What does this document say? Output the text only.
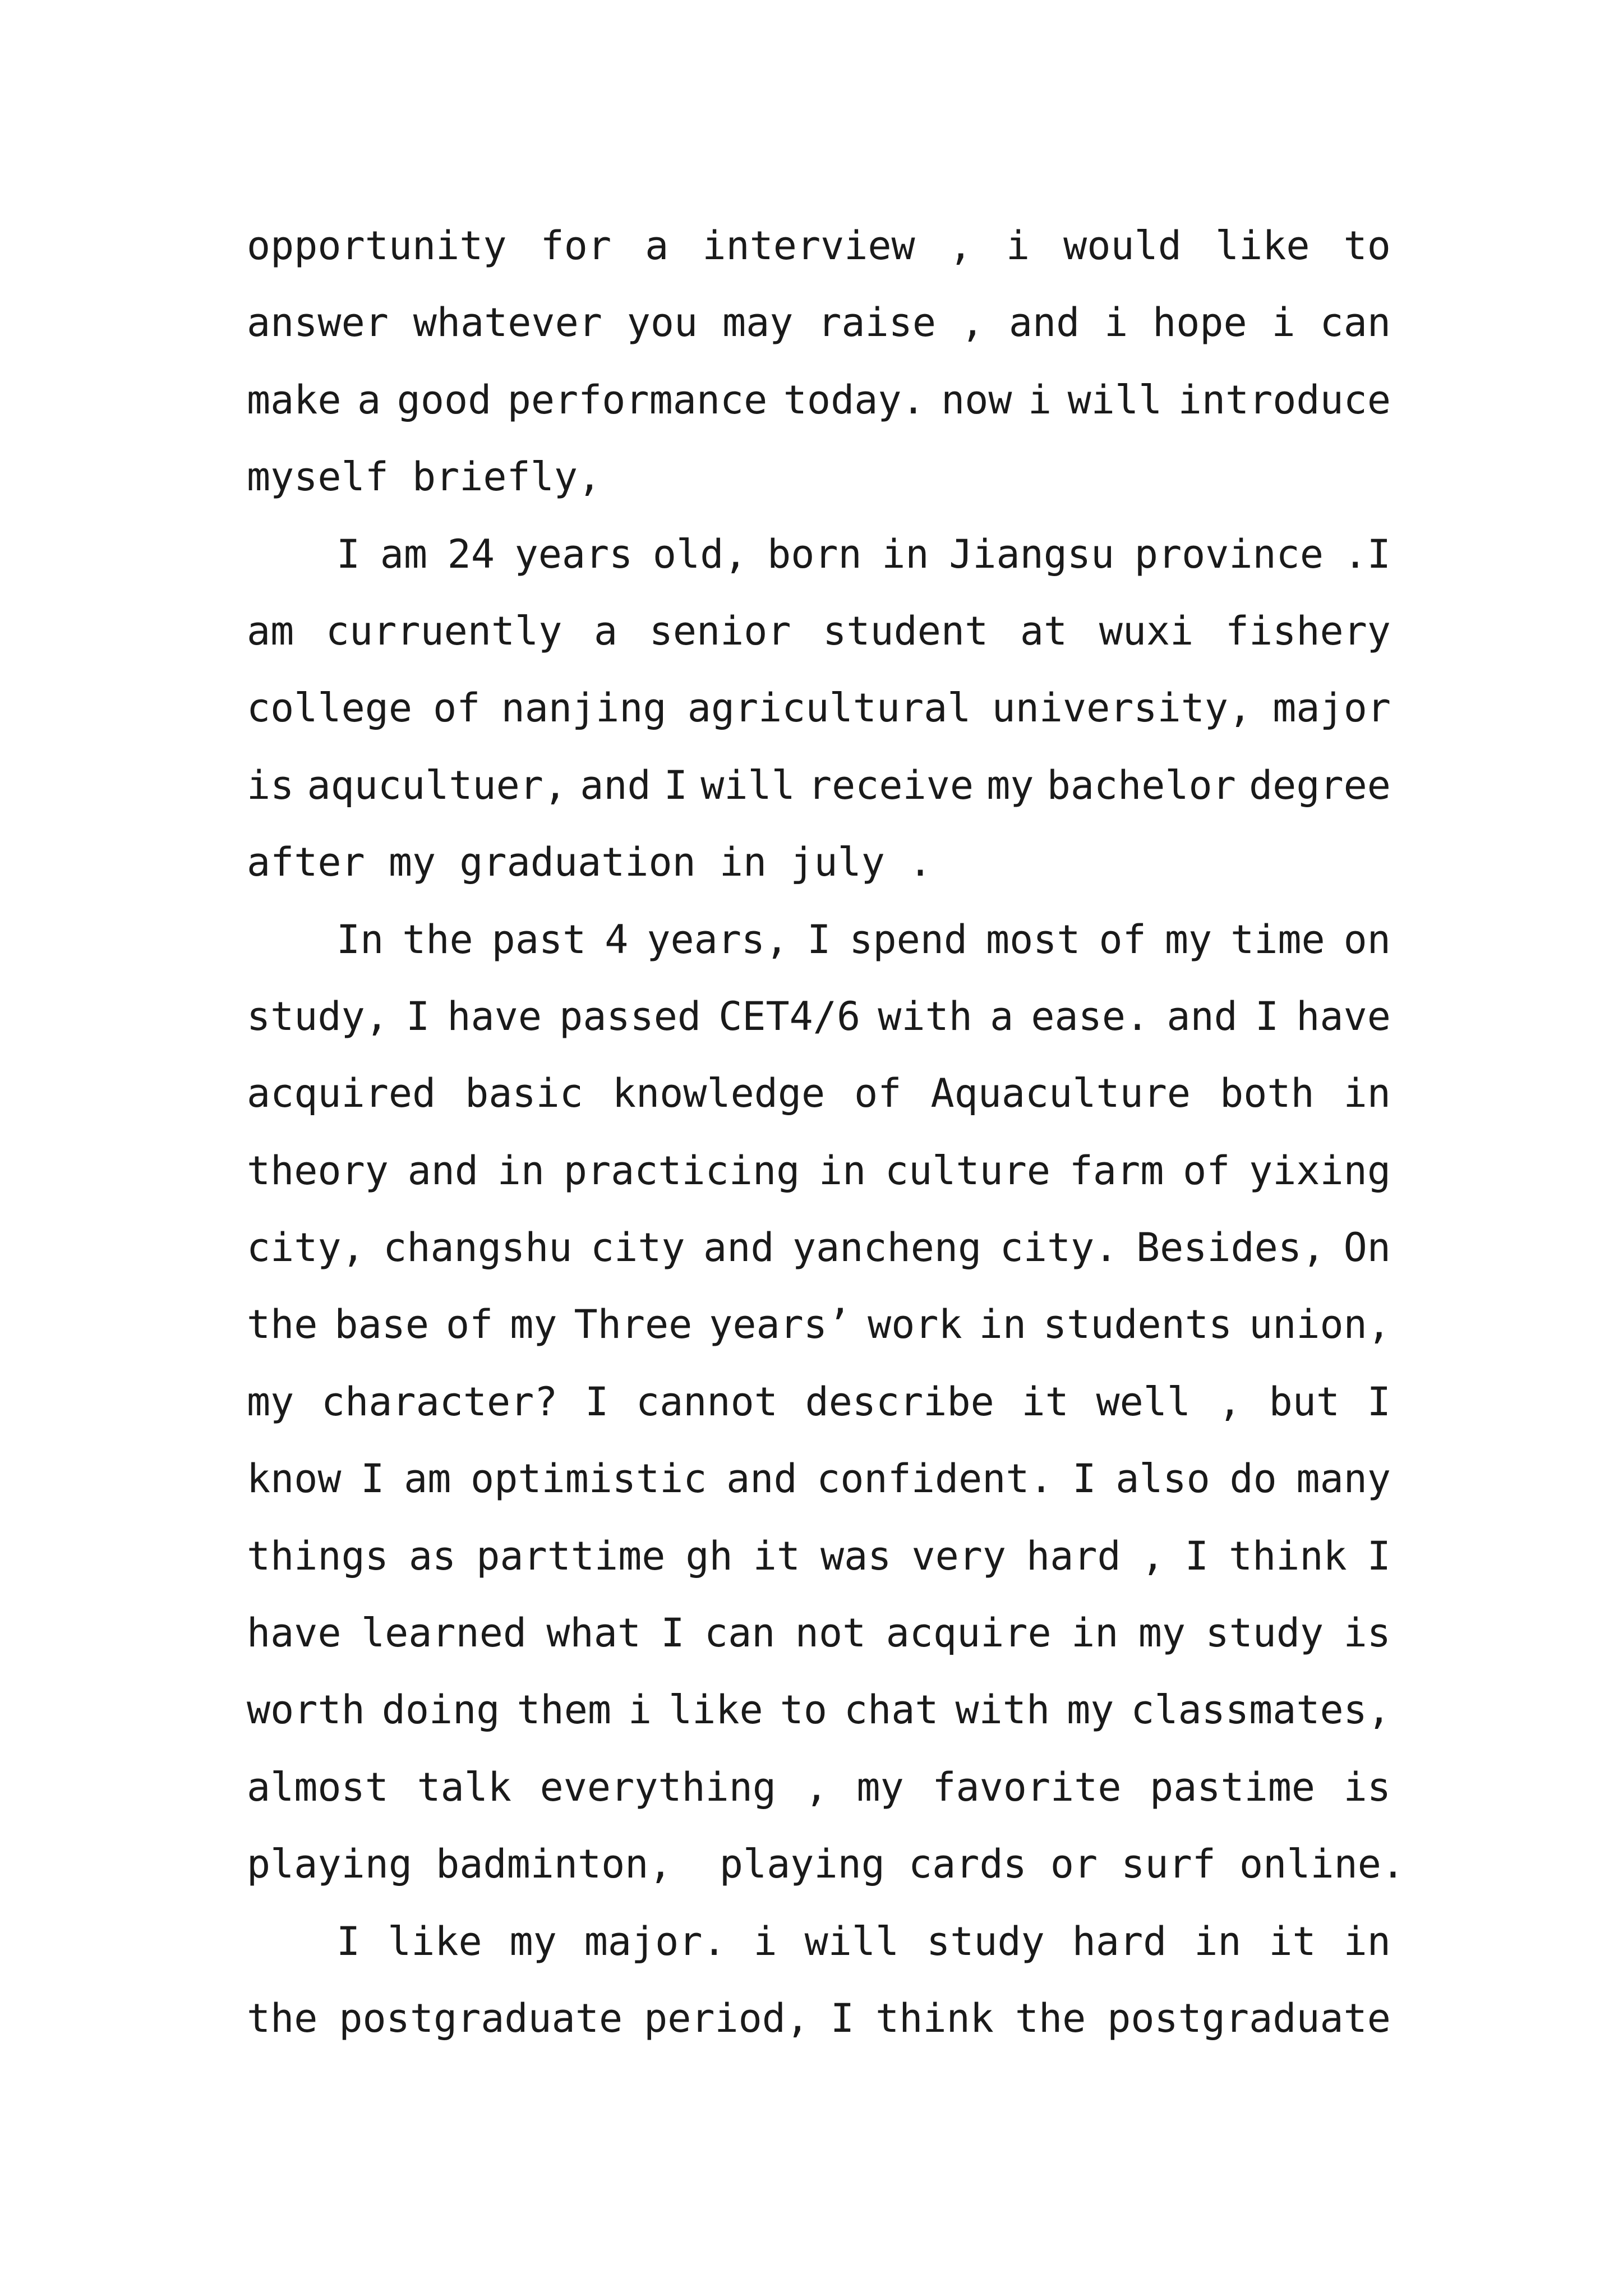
opportunity for a interview , i would like to
answer whatever you may raise , and i hope i can
make a good performance today. now i will introduce
myself briefly,
I am 24 years old, born in Jiangsu province .I
am curruently a senior student at wuxi fishery
college of nanjing agricultural university, major
is aqucultuer, and I will receive my bachelor degree
after my graduation in july .
In the past 4 years, I spend most of my time on
study, I have passed CET4/6 with a ease. and I have
acquired basic knowledge of Aquaculture both in
theory and in practicing in culture farm of yixing
city, changshu city and yancheng city. Besides, On
the base of my Three years’ work in students union,
my character? I cannot describe it well , but I
know I am optimistic and confident. I also do many
things as parttime gh it was very hard , I think I
have learned what I can not acquire in my study is
worth doing them i like to chat with my classmates,
almost talk everything , my favorite pastime is
playing badminton,  playing cards or surf online.
I like my major. i will study hard in it in
the postgraduate period, I think the postgraduate
